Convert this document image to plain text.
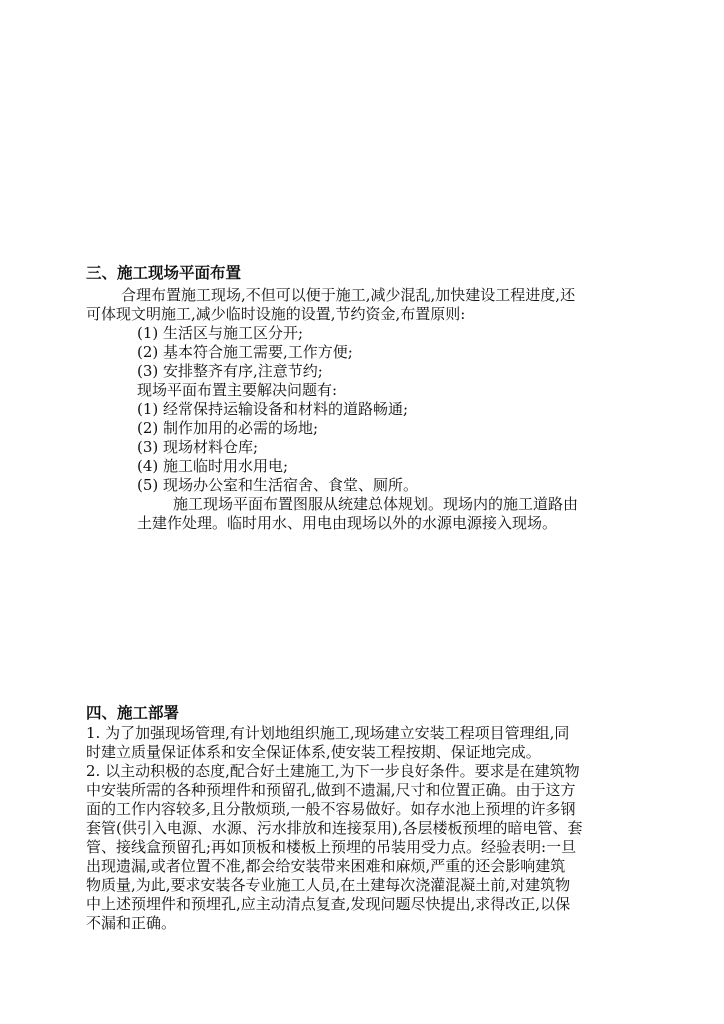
三、施工现场平面布置
合理布置施工现场,不但可以便于施工,减少混乱,加快建设工程进度,还
可体现文明施工,减少临时设施的设置,节约资金,布置原则:
(1) 生活区与施工区分开;
(2) 基本符合施工需要,工作方便;
(3) 安排整齐有序,注意节约;
现场平面布置主要解决问题有:
(1) 经常保持运输设备和材料的道路畅通;
(2) 制作加用的必需的场地;
(3) 现场材料仓库;
(4) 施工临时用水用电;
(5) 现场办公室和生活宿舍、食堂、厕所。
施工现场平面布置图服从统建总体规划。现场内的施工道路由
土建作处理。临时用水、用电由现场以外的水源电源接入现场。
四、施工部署
1. 为了加强现场管理,有计划地组织施工,现场建立安装工程项目管理组,同
时建立质量保证体系和安全保证体系,使安装工程按期、保证地完成。
2. 以主动积极的态度,配合好土建施工,为下一步良好条件。要求是在建筑物
中安装所需的各种预埋件和预留孔,做到不遗漏,尺寸和位置正确。由于这方
面的工作内容较多,且分散烦琐,一般不容易做好。如存水池上预埋的许多钢
套管(供引入电源、水源、污水排放和连接泵用),各层楼板预埋的暗电管、套
管、接线盒预留孔;再如顶板和楼板上预埋的吊装用受力点。经验表明:一旦
出现遗漏,或者位置不准,都会给安装带来困难和麻烦,严重的还会影响建筑
物质量,为此,要求安装各专业施工人员,在土建每次浇灌混凝土前,对建筑物
中上述预埋件和预埋孔,应主动清点复查,发现问题尽快提出,求得改正,以保
不漏和正确。
